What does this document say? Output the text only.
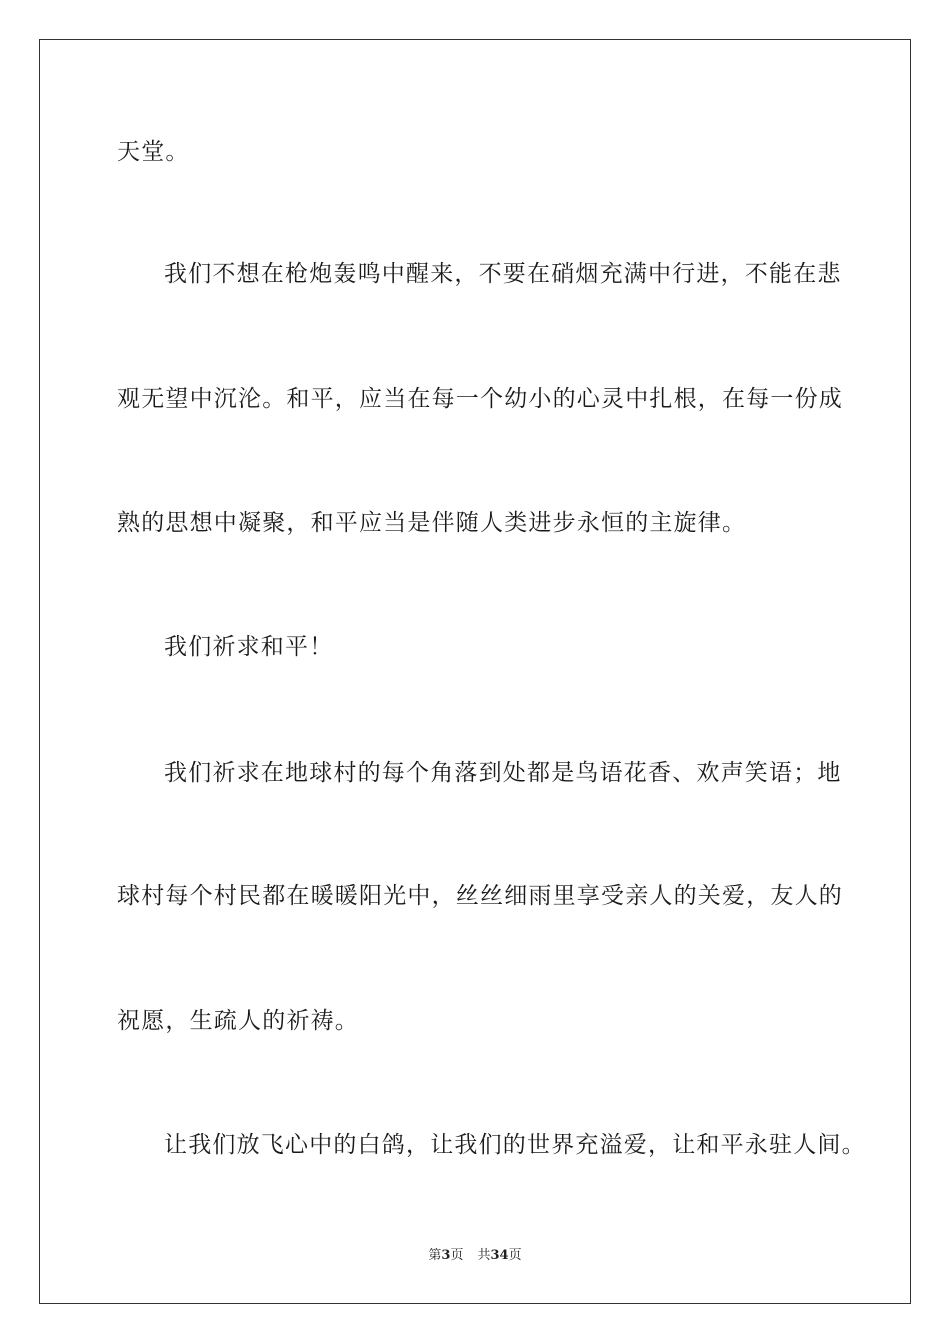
天堂。
我们不想在枪炮轰鸣中醒来，不要在硝烟充满中行进，不能在悲
观无望中沉沦。和平，应当在每一个幼小的心灵中扎根，在每一份成
熟的思想中凝聚，和平应当是伴随人类进步永恒的主旋律。
我们祈求和平！
我们祈求在地球村的每个角落到处都是鸟语花香、欢声笑语；地
球村每个村民都在暖暖阳光中，丝丝细雨里享受亲人的关爱，友人的
祝愿，生疏人的祈祷。
让我们放飞心中的白鸽，让我们的世界充溢爱，让和平永驻人间。
第3页 共34页
